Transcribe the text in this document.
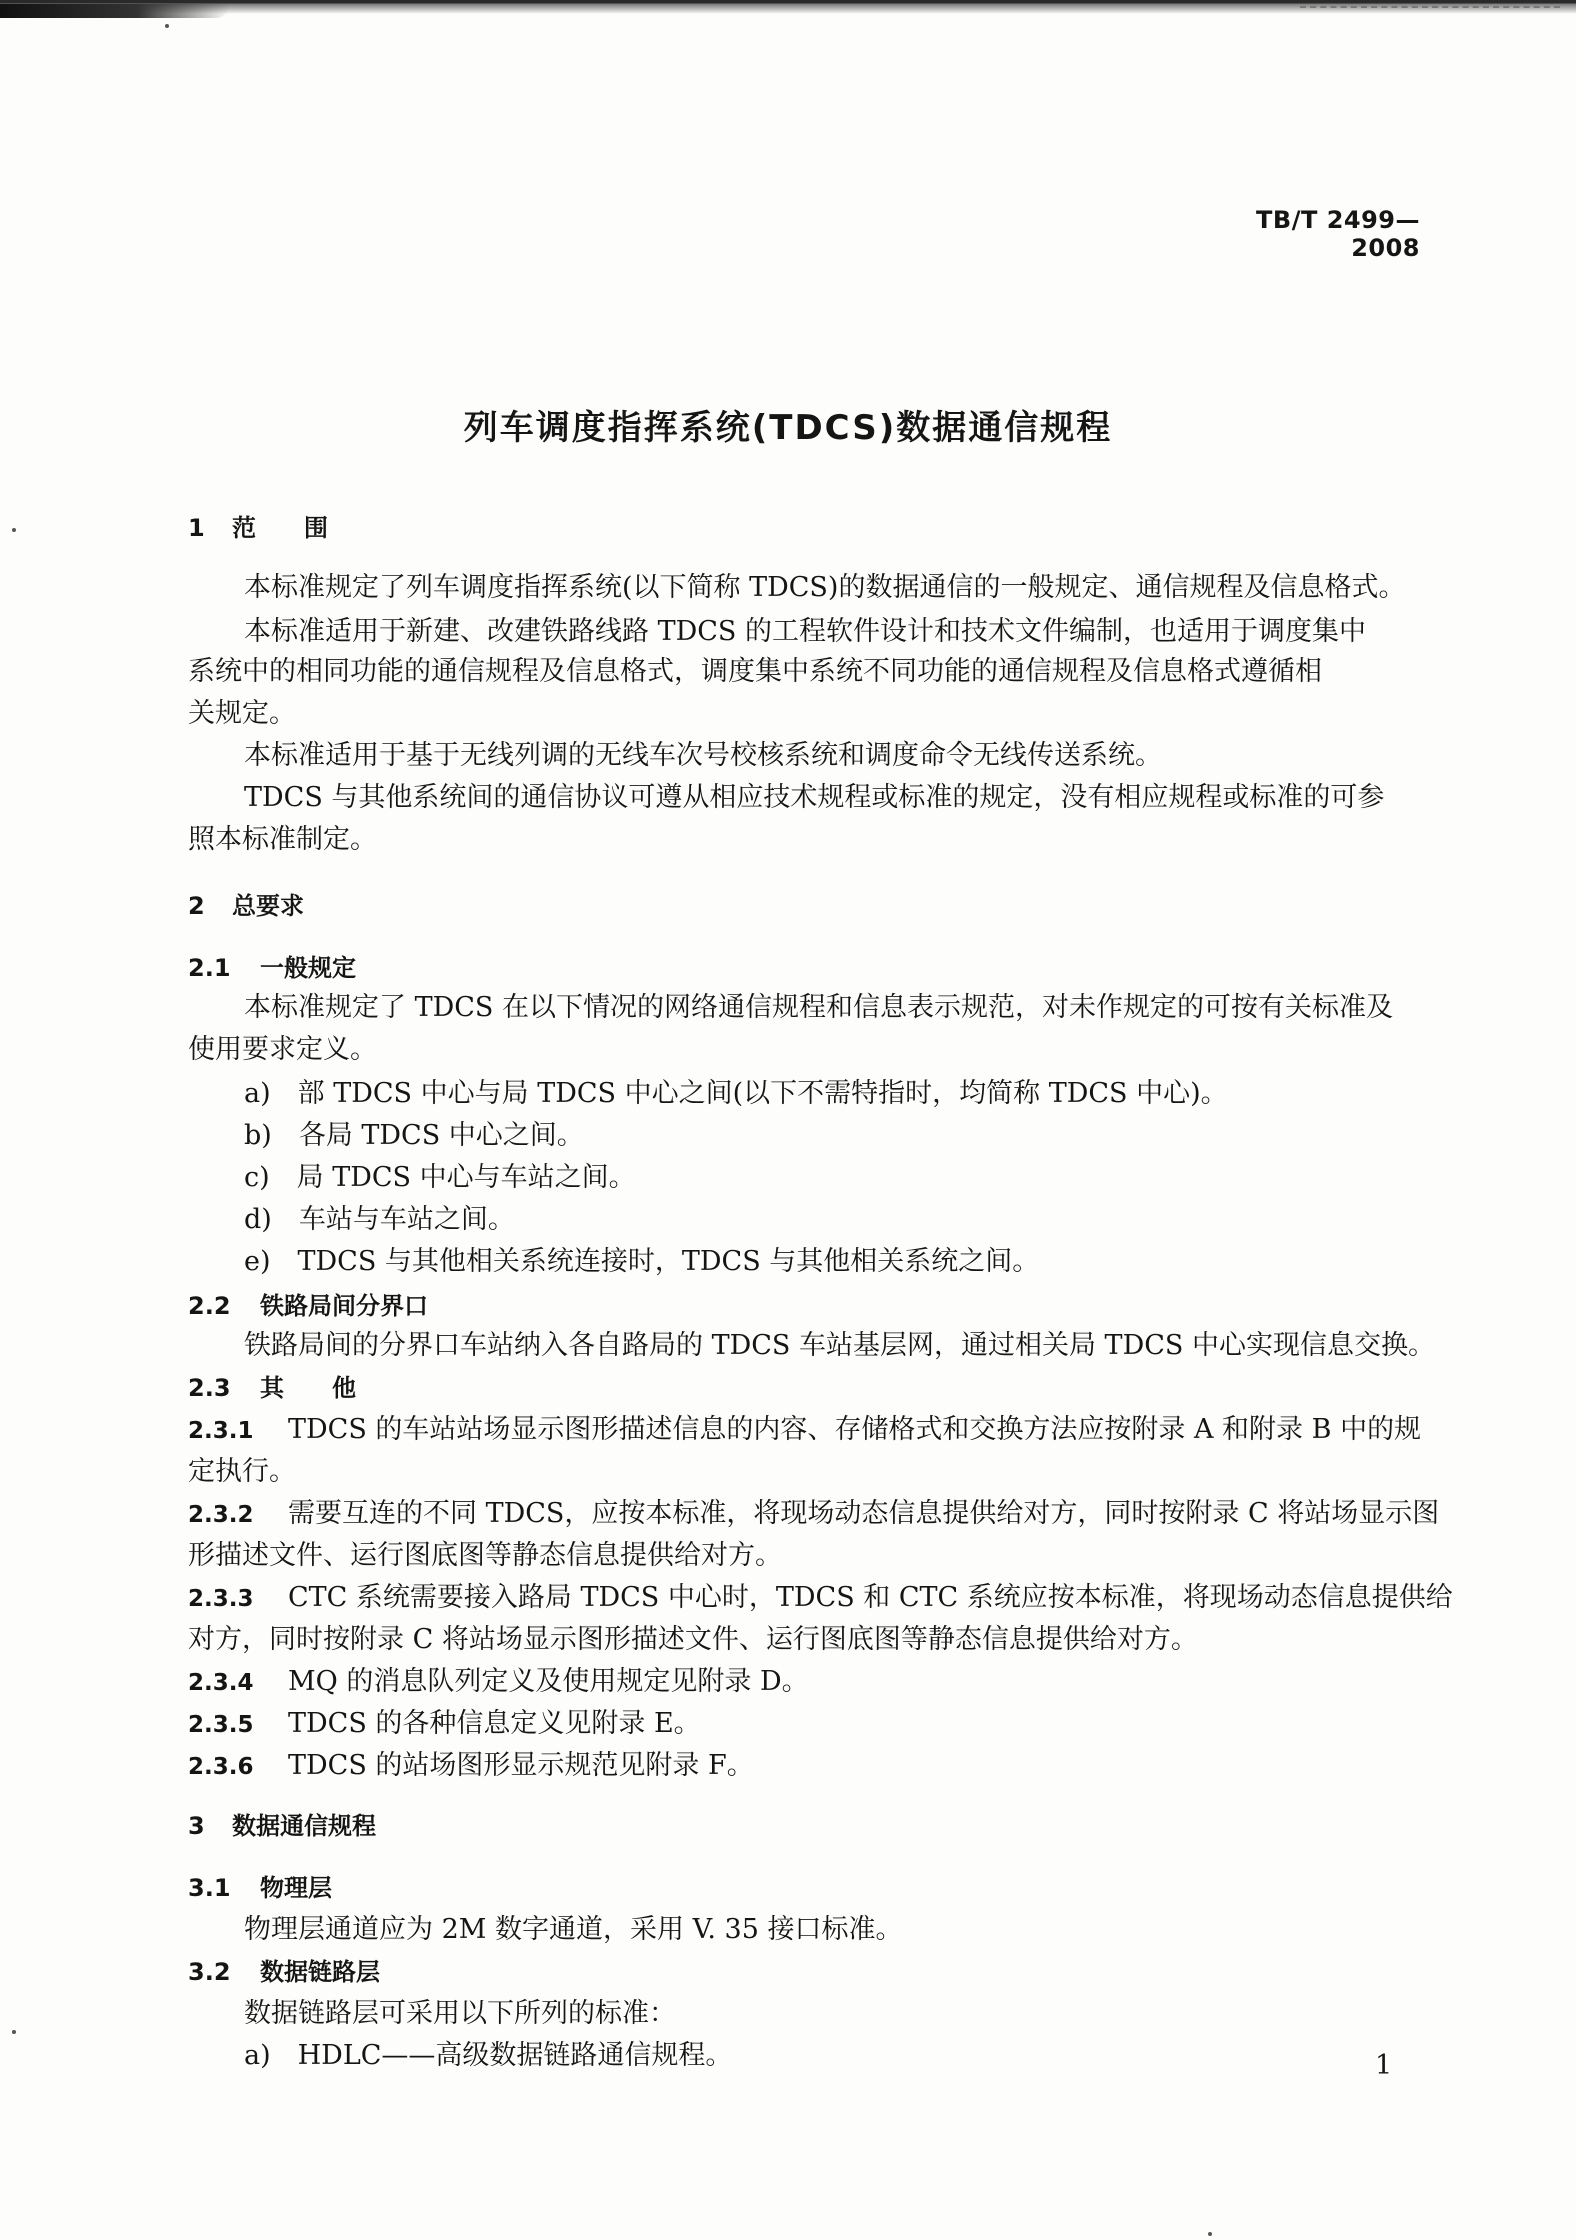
TB/T 2499—2008
列车调度指挥系统(TDCS)数据通信规程
1 范　　围
本标准规定了列车调度指挥系统(以下简称 TDCS)的数据通信的一般规定、通信规程及信息格式。
本标准适用于新建、改建铁路线路 TDCS 的工程软件设计和技术文件编制，也适用于调度集中
系统中的相同功能的通信规程及信息格式，调度集中系统不同功能的通信规程及信息格式遵循相
关规定。
本标准适用于基于无线列调的无线车次号校核系统和调度命令无线传送系统。
TDCS 与其他系统间的通信协议可遵从相应技术规程或标准的规定，没有相应规程或标准的可参
照本标准制定。
2 总要求
2.1 一般规定
本标准规定了 TDCS 在以下情况的网络通信规程和信息表示规范，对未作规定的可按有关标准及
使用要求定义。
a)　部 TDCS 中心与局 TDCS 中心之间(以下不需特指时，均简称 TDCS 中心)。
b)　各局 TDCS 中心之间。
c)　局 TDCS 中心与车站之间。
d)　车站与车站之间。
e)　TDCS 与其他相关系统连接时，TDCS 与其他相关系统之间。
2.2 铁路局间分界口
铁路局间的分界口车站纳入各自路局的 TDCS 车站基层网，通过相关局 TDCS 中心实现信息交换。
2.3 其　　他
2.3.1 TDCS 的车站站场显示图形描述信息的内容、存储格式和交换方法应按附录 A 和附录 B 中的规
定执行。
2.3.2 需要互连的不同 TDCS，应按本标准，将现场动态信息提供给对方，同时按附录 C 将站场显示图
形描述文件、运行图底图等静态信息提供给对方。
2.3.3 CTC 系统需要接入路局 TDCS 中心时，TDCS 和 CTC 系统应按本标准，将现场动态信息提供给
对方，同时按附录 C 将站场显示图形描述文件、运行图底图等静态信息提供给对方。
2.3.4 MQ 的消息队列定义及使用规定见附录 D。
2.3.5 TDCS 的各种信息定义见附录 E。
2.3.6 TDCS 的站场图形显示规范见附录 F。
3 数据通信规程
3.1 物理层
物理层通道应为 2M 数字通道，采用 V. 35 接口标准。
3.2 数据链路层
数据链路层可采用以下所列的标准：
a)　HDLC——高级数据链路通信规程。	1
